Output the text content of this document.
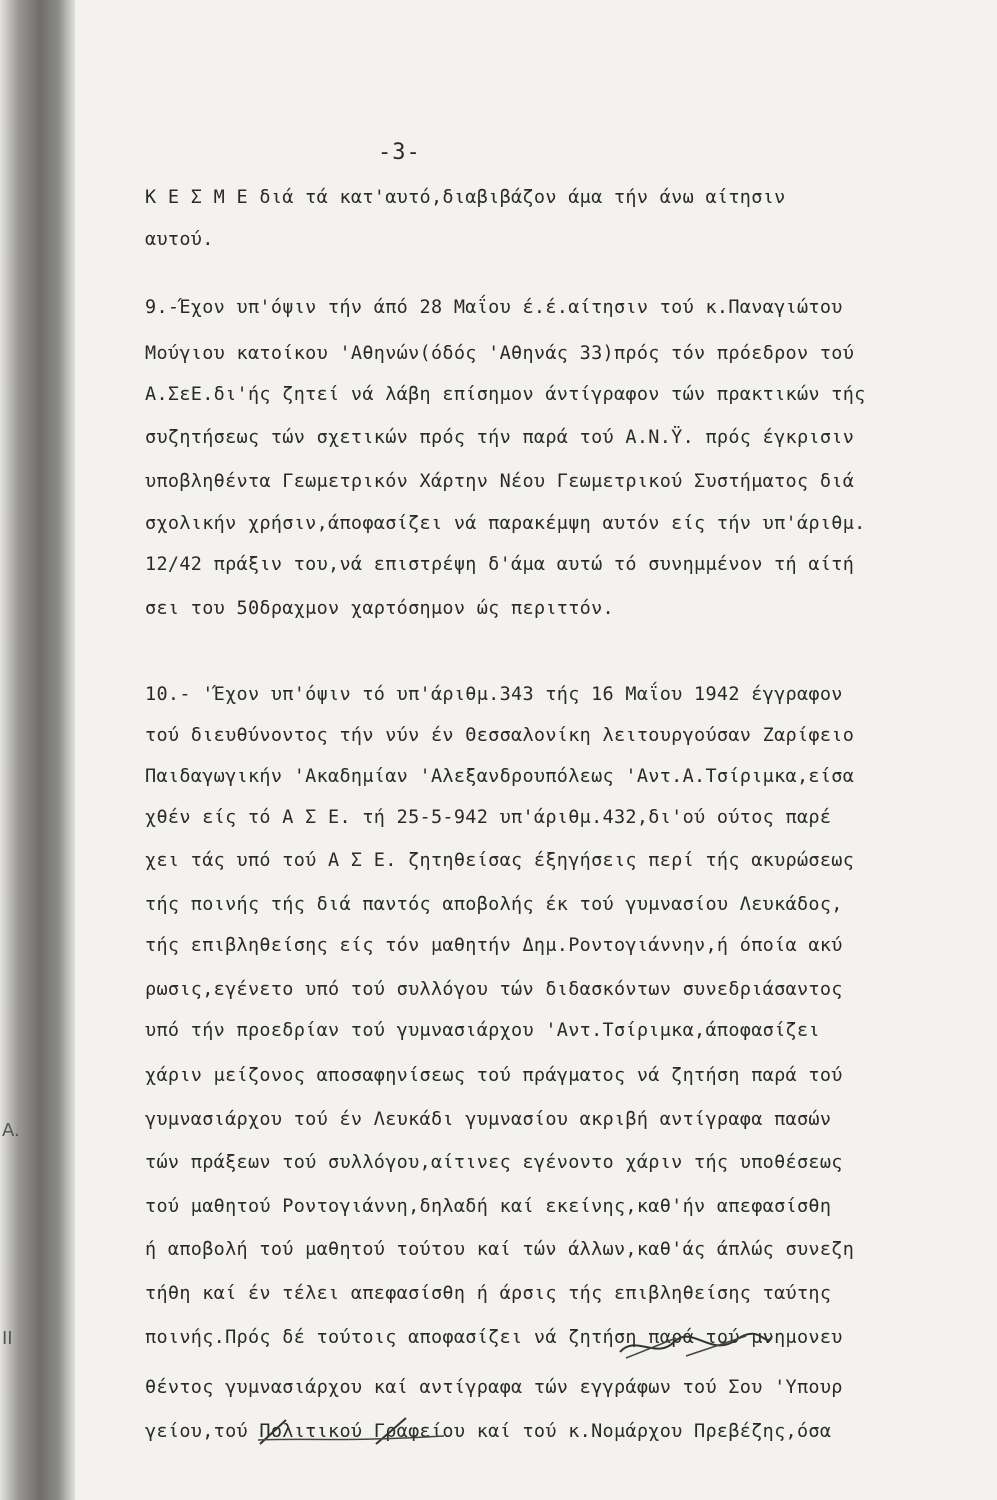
A.
II
-3-
Κ Ε Σ Μ Ε διά τά κατ'αυτό,διαβιβάζον άμα τήν άνω αίτησιν
αυτού.
9.-Έχον υπ'όψιν τήν άπό 28 Μαΐου έ.έ.αίτησιν τού κ.Παναγιώτου
Μούγιου κατοίκου 'Αθηνών(όδός 'Αθηνάς 33)πρός τόν πρόεδρον τού
Α.ΣεΕ.δι'ής ζητεί νά λάβη επίσημον άντίγραφον τών πρακτικών τής
συζητήσεως τών σχετικών πρός τήν παρά τού Α.Ν.Ϋ. πρός έγκρισιν
υποβληθέντα Γεωμετρικόν Χάρτην Νέου Γεωμετρικού Συστήματος διά
σχολικήν χρήσιν,άποφασίζει νά παρακέμψη αυτόν είς τήν υπ'άριθμ.
12/42 πράξιν του,νά επιστρέψη δ'άμα αυτώ τό συνημμένον τή αίτή
σει του 50δραχμον χαρτόσημον ώς περιττόν.
10.- 'Έχον υπ'όψιν τό υπ'άριθμ.343 τής 16 Μαΐου 1942 έγγραφον
τού διευθύνοντος τήν νύν έν Θεσσαλονίκη λειτουργούσαν Ζαρίφειο
Παιδαγωγικήν 'Ακαδημίαν 'Αλεξανδρουπόλεως 'Αντ.Α.Τσίριμκα,είσα
χθέν είς τό Α Σ Ε. τή 25-5-942 υπ'άριθμ.432,δι'ού ούτος παρέ
χει τάς υπό τού Α Σ Ε. ζητηθείσας έξηγήσεις περί τής ακυρώσεως
τής ποινής τής διά παντός αποβολής έκ τού γυμνασίου Λευκάδος,
τής επιβληθείσης είς τόν μαθητήν Δημ.Ροντογιάννην,ή όποία ακύ
ρωσις,εγένετο υπό τού συλλόγου τών διδασκόντων συνεδριάσαντος
υπό τήν προεδρίαν τού γυμνασιάρχου 'Αντ.Τσίριμκα,άποφασίζει
χάριν μείζονος αποσαφηνίσεως τού πράγματος νά ζητήση παρά τού
γυμνασιάρχου τού έν Λευκάδι γυμνασίου ακριβή αντίγραφα πασών
τών πράξεων τού συλλόγου,αίτινες εγένοντο χάριν τής υποθέσεως
τού μαθητού Ροντογιάννη,δηλαδή καί εκείνης,καθ'ήν απεφασίσθη
ή αποβολή τού μαθητού τούτου καί τών άλλων,καθ'άς άπλώς συνεζη
τήθη καί έν τέλει απεφασίσθη ή άρσις τής επιβληθείσης ταύτης
ποινής.Πρός δέ τούτοις αποφασίζει νά ζητήση παρά τού μνημονευ
θέντος γυμνασιάρχου καί αντίγραφα τών εγγράφων τού Σου 'Υπουρ
γείου,τού Πολιτικού Γραφείου καί τού κ.Νομάρχου Πρεβέζης,όσα
